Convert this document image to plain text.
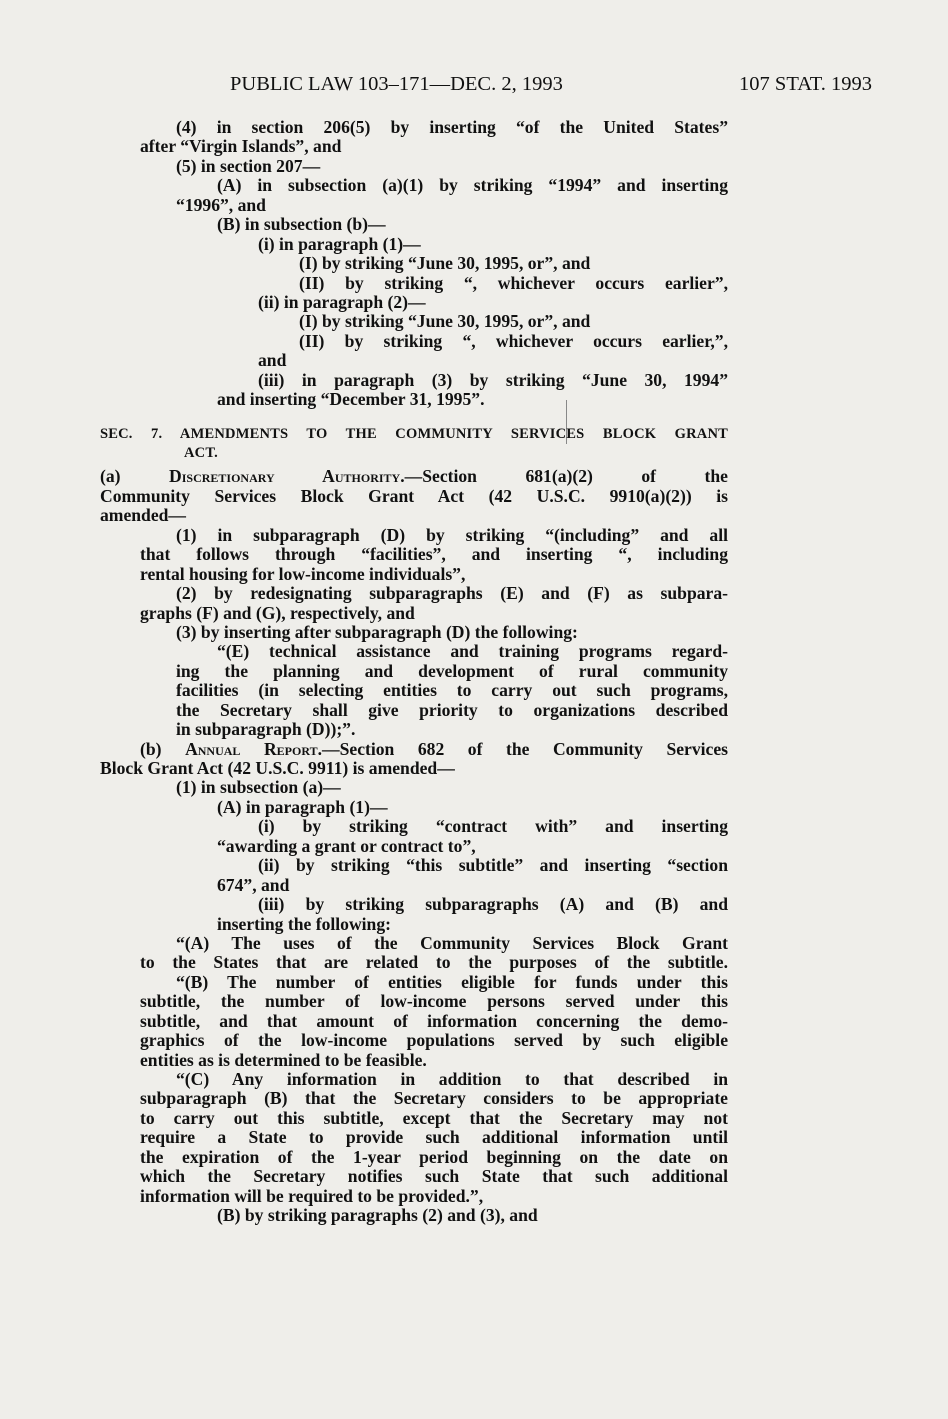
PUBLIC LAW 103–171—DEC. 2, 1993	107 STAT. 1993
(4) in section 206(5) by inserting “of the United States”
after “Virgin Islands”, and
(5) in section 207—
(A) in subsection (a)(1) by striking “1994” and inserting
“1996”, and
(B) in subsection (b)—
(i) in paragraph (1)—
(I) by striking “June 30, 1995, or”, and
(II) by striking “, whichever occurs earlier”,
(ii) in paragraph (2)—
(I) by striking “June 30, 1995, or”, and
(II) by striking “, whichever occurs earlier,”,
and
(iii) in paragraph (3) by striking “June 30, 1994”
and inserting “December 31, 1995”.
SEC. 7. AMENDMENTS TO THE COMMUNITY SERVICES BLOCK GRANT
ACT.
(a)	Discretionary Authority.—Section 681(a)(2) of the
Community Services Block Grant Act (42 U.S.C. 9910(a)(2)) is
amended—
(1) in subparagraph (D) by striking “(including” and all
that follows through “facilities”, and inserting “, including
rental housing for low-income individuals”,
(2) by redesignating subparagraphs (E) and (F) as subpara-
graphs (F) and (G), respectively, and
(3) by inserting after subparagraph (D) the following:
“(E) technical assistance and training programs regard-
ing the planning and development of rural community
facilities (in selecting entities to carry out such programs,
the Secretary shall give priority to organizations described
in subparagraph (D));”.
(b) Annual Report.—Section 682 of the Community Services
Block Grant Act (42 U.S.C. 9911) is amended—
(1) in subsection (a)—
(A) in paragraph (1)—
(i) by striking “contract with” and inserting
“awarding a grant or contract to”,
(ii) by striking “this subtitle” and inserting “section
674”, and
(iii) by striking subparagraphs (A) and (B) and
inserting the following:
“(A) The uses of the Community Services Block Grant
to the States that are related to the purposes of the subtitle.
“(B) The number of entities eligible for funds under this
subtitle, the number of low-income persons served under this
subtitle, and that amount of information concerning the demo-
graphics of the low-income populations served by such eligible
entities as is determined to be feasible.
“(C) Any information in addition to that described in
subparagraph (B) that the Secretary considers to be appropriate
to carry out this subtitle, except that the Secretary may not
require a State to provide such additional information until
the expiration of the 1-year period beginning on the date on
which the Secretary notifies such State that such additional
information will be required to be provided.”,
(B) by striking paragraphs (2) and (3), and
